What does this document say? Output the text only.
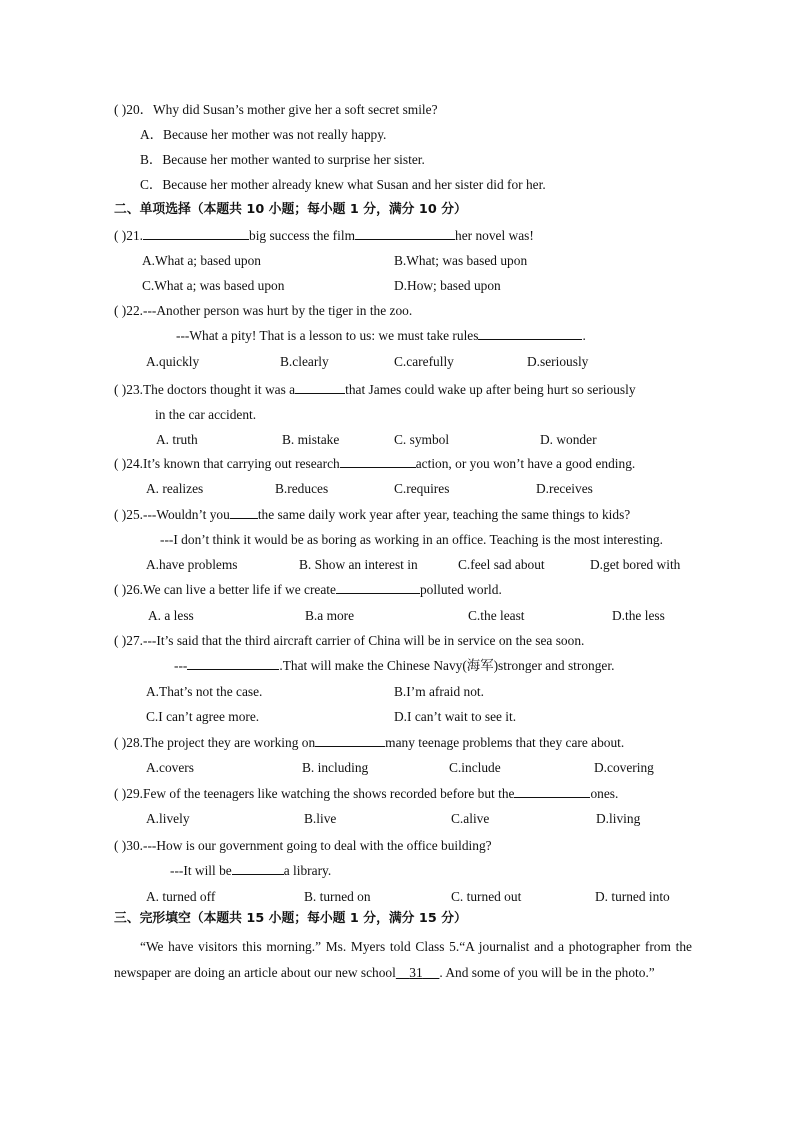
( )20．Why did Susan’s mother give her a soft secret smile?
A．Because her mother was not really happy.
B．Because her mother wanted to surprise her sister.
C．Because her mother already knew what Susan and her sister did for her.
二、单项选择（本题共 10 小题；每小题 1 分，满分 10 分）
( )21.	big success the film	her novel was!
A.What a; based upon	B.What; was based upon
C.What a; was based upon	D.How; based upon
( )22.---Another person was hurt by the tiger in the zoo.
---What a pity! That is a lesson to us: we must take rules	.
A.quickly	B.clearly	C.carefully	D.seriously
( )23.The doctors thought it was a	that James could wake up after being hurt so seriously
in the car accident.
A. truth	B. mistake	C. symbol	D. wonder
( )24.It’s known that carrying out research	action, or you won’t have a good ending.
A. realizes	B.reduces	C.requires	D.receives
( )25.---Wouldn’t you the same daily work year after year, teaching the same things to kids?
---I don’t think it would be as boring as working in an office. Teaching is the most interesting.
A.have problems	B. Show an interest in	C.feel sad about	D.get bored with
( )26.We can live a better life if we create	polluted world.
A. a less	B.a more	C.the least	D.the less
( )27.---It’s said that the third aircraft carrier of China will be in service on the sea soon.
---	.That will make the Chinese Navy(海军)stronger and stronger.
A.That’s not the case.	B.I’m afraid not.
C.I can’t agree more.	D.I can’t wait to see it.
( )28.The project they are working on	many teenage problems that they care about.
A.covers	B. including	C.include	D.covering
( )29.Few of the teenagers like watching the shows recorded before but the	ones.
A.lively	B.live	C.alive	D.living
( )30.---How is our government going to deal with the office building?
---It will be	a library.
A. turned off	B. turned on	C. turned out	D. turned into
三、完形填空（本题共 15 小题；每小题 1 分，满分 15 分）
“We have visitors this morning.” Ms. Myers told Class 5.“A journalist and a photographer from the newspaper are doing an article about our new school 31 . And some of you will be in the photo.”
